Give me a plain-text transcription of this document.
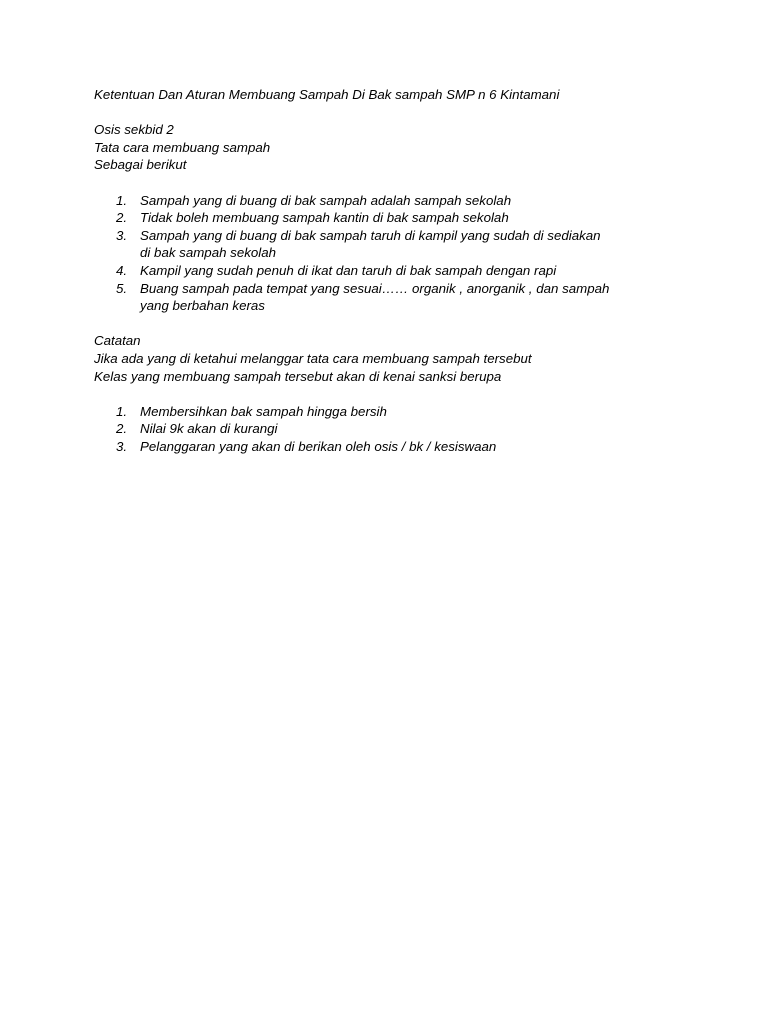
Ketentuan Dan Aturan Membuang Sampah Di Bak sampah SMP n 6 Kintamani
Osis sekbid 2
Tata cara membuang sampah
Sebagai berikut
1. Sampah yang di buang di bak sampah adalah sampah sekolah
2. Tidak boleh membuang sampah kantin di bak sampah sekolah
3. Sampah yang di buang di bak sampah taruh di kampil yang sudah di sediakan
di bak sampah sekolah
4. Kampil yang sudah penuh di ikat dan taruh di bak sampah dengan rapi
5. Buang sampah pada tempat yang sesuai…… organik , anorganik , dan sampah
yang berbahan keras
Catatan
Jika ada yang di ketahui melanggar tata cara membuang sampah tersebut
Kelas yang membuang sampah tersebut akan di kenai sanksi berupa
1. Membersihkan bak sampah hingga bersih
2. Nilai 9k akan di kurangi
3. Pelanggaran yang akan di berikan oleh osis / bk / kesiswaan
